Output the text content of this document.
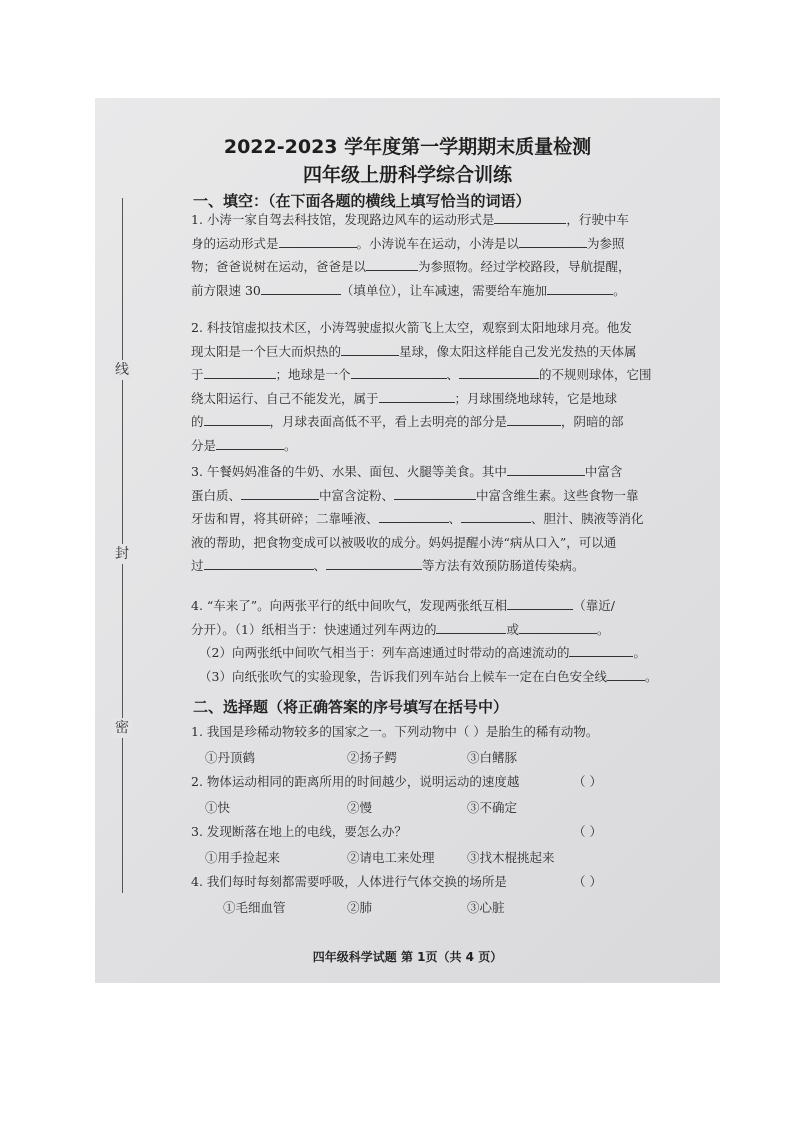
线
封
密
2022-2023 学年度第一学期期末质量检测
四年级上册科学综合训练
一、填空：（在下面各题的横线上填写恰当的词语）

1. 小涛一家自驾去科技馆，发现路边风车的运动形式是	，行驶中车

身的运动形式是	。小涛说车在运动，小涛是以	为参照

物；爸爸说树在运动，爸爸是以	为参照物。经过学校路段，导航提醒，

前方限速 30	（填单位），让车减速，需要给车施加	。

2. 科技馆虚拟技术区，小涛驾驶虚拟火箭飞上太空，观察到太阳地球月亮。他发

现太阳是一个巨大而炽热的	星球，像太阳这样能自己发光发热的天体属

于	；地球是一个	、	的不规则球体，它围

绕太阳运行、自己不能发光，属于	；月球围绕地球转，它是地球

的	，月球表面高低不平，看上去明亮的部分是	，阴暗的部

分是	。

3. 午餐妈妈准备的牛奶、水果、面包、火腿等美食。其中	中富含

蛋白质、	中富含淀粉、	中富含维生素。这些食物一靠

牙齿和胃，将其研碎；二靠唾液、	、	、胆汁、胰液等消化

液的帮助，把食物变成可以被吸收的成分。妈妈提醒小涛“病从口入”，可以通

过	、	等方法有效预防肠道传染病。

4. “车来了”。向两张平行的纸中间吹气，发现两张纸互相	（靠近/

分开）。（1）纸相当于：快速通过列车两边的	或	。

（2）向两张纸中间吹气相当于：列车高速通过时带动的高速流动的	。

（3）向纸张吹气的实验现象，告诉我们列车站台上候车一定在白色安全线	。

二、选择题（将正确答案的序号填写在括号中）
1. 我国是珍稀动物较多的国家之一。下列动物中（ ）是胎生的稀有动物。
①丹顶鹤	②扬子鳄	③白鳍豚
2. 物体运动相同的距离所用的时间越少，说明运动的速度越	（ ）
①快	②慢	③不确定
3. 发现断落在地上的电线，要怎么办？	（ ）
①用手捡起来	②请电工来处理	③找木棍挑起来
4. 我们每时每刻都需要呼吸，人体进行气体交换的场所是	（ ）
①毛细血管	②肺	③心脏
四年级科学试题 第 1页（共 4 页）
